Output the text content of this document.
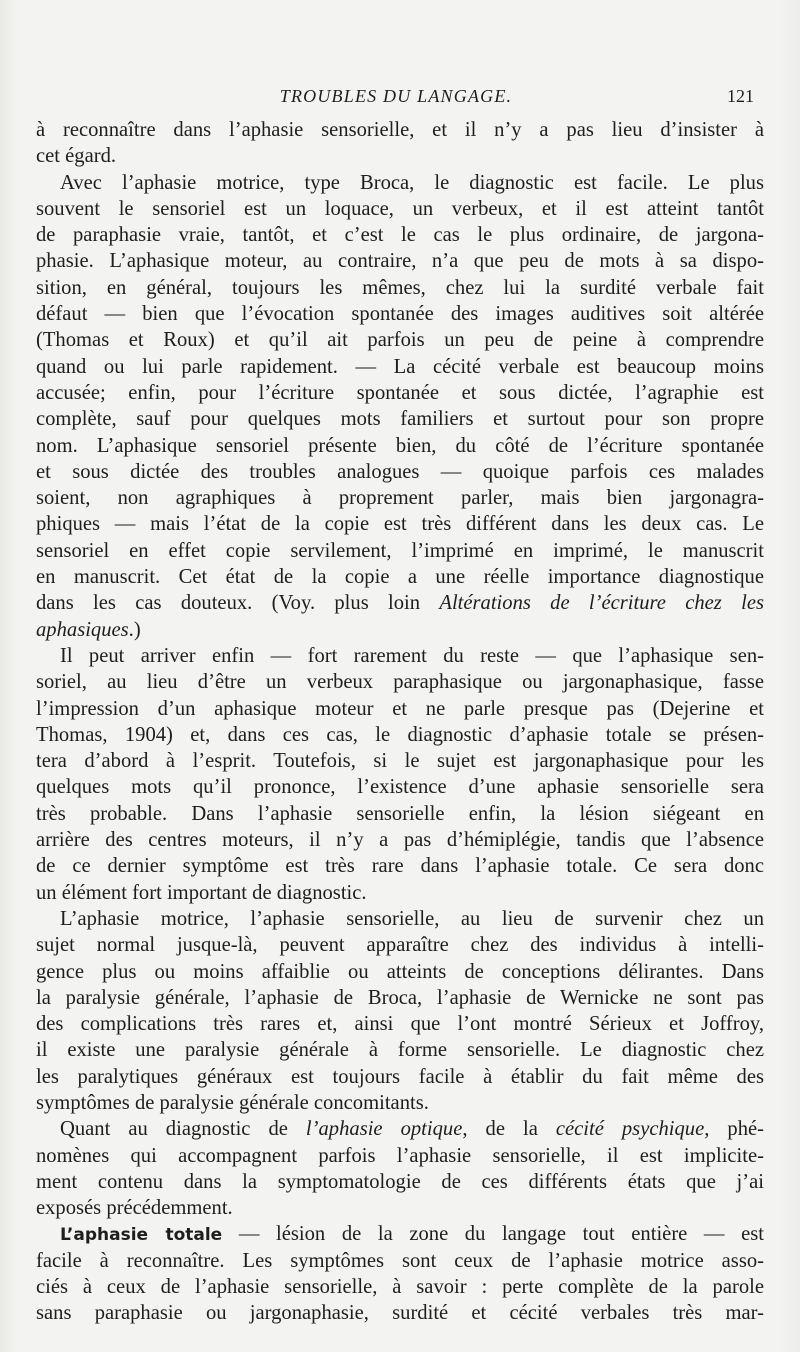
TROUBLES DU LANGAGE.	121
à reconnaître dans l’aphasie sensorielle, et il n’y a pas lieu d’insister à
cet égard.
Avec l’aphasie motrice, type Broca, le diagnostic est facile. Le plus
souvent le sensoriel est un loquace, un verbeux, et il est atteint tantôt
de paraphasie vraie, tantôt, et c’est le cas le plus ordinaire, de jargona-
phasie. L’aphasique moteur, au contraire, n’a que peu de mots à sa dispo-
sition, en général, toujours les mêmes, chez lui la surdité verbale fait
défaut — bien que l’évocation spontanée des images auditives soit altérée
(Thomas et Roux) et qu’il ait parfois un peu de peine à comprendre
quand ou lui parle rapidement. — La cécité verbale est beaucoup moins
accusée; enfin, pour l’écriture spontanée et sous dictée, l’agraphie est
complète, sauf pour quelques mots familiers et surtout pour son propre
nom. L’aphasique sensoriel présente bien, du côté de l’écriture spontanée
et sous dictée des troubles analogues — quoique parfois ces malades
soient, non agraphiques à proprement parler, mais bien jargonagra-
phiques — mais l’état de la copie est très différent dans les deux cas. Le
sensoriel en effet copie servilement, l’imprimé en imprimé, le manuscrit
en manuscrit. Cet état de la copie a une réelle importance diagnostique
dans les cas douteux. (Voy. plus loin Altérations de l’écriture chez les
aphasiques.)
Il peut arriver enfin — fort rarement du reste — que l’aphasique sen-
soriel, au lieu d’être un verbeux paraphasique ou jargonaphasique, fasse
l’impression d’un aphasique moteur et ne parle presque pas (Dejerine et
Thomas, 1904) et, dans ces cas, le diagnostic d’aphasie totale se présen-
tera d’abord à l’esprit. Toutefois, si le sujet est jargonaphasique pour les
quelques mots qu’il prononce, l’existence d’une aphasie sensorielle sera
très probable. Dans l’aphasie sensorielle enfin, la lésion siégeant en
arrière des centres moteurs, il n’y a pas d’hémiplégie, tandis que l’absence
de ce dernier symptôme est très rare dans l’aphasie totale. Ce sera donc
un élément fort important de diagnostic.
L’aphasie motrice, l’aphasie sensorielle, au lieu de survenir chez un
sujet normal jusque-là, peuvent apparaître chez des individus à intelli-
gence plus ou moins affaiblie ou atteints de conceptions délirantes. Dans
la paralysie générale, l’aphasie de Broca, l’aphasie de Wernicke ne sont pas
des complications très rares et, ainsi que l’ont montré Sérieux et Joffroy,
il existe une paralysie générale à forme sensorielle. Le diagnostic chez
les paralytiques généraux est toujours facile à établir du fait même des
symptômes de paralysie générale concomitants.
Quant au diagnostic de l’aphasie optique, de la cécité psychique, phé-
nomènes qui accompagnent parfois l’aphasie sensorielle, il est implicite-
ment contenu dans la symptomatologie de ces différents états que j’ai
exposés précédemment.
L’aphasie totale — lésion de la zone du langage tout entière — est
facile à reconnaître. Les symptômes sont ceux de l’aphasie motrice asso-
ciés à ceux de l’aphasie sensorielle, à savoir : perte complète de la parole
sans paraphasie ou jargonaphasie, surdité et cécité verbales très mar-
